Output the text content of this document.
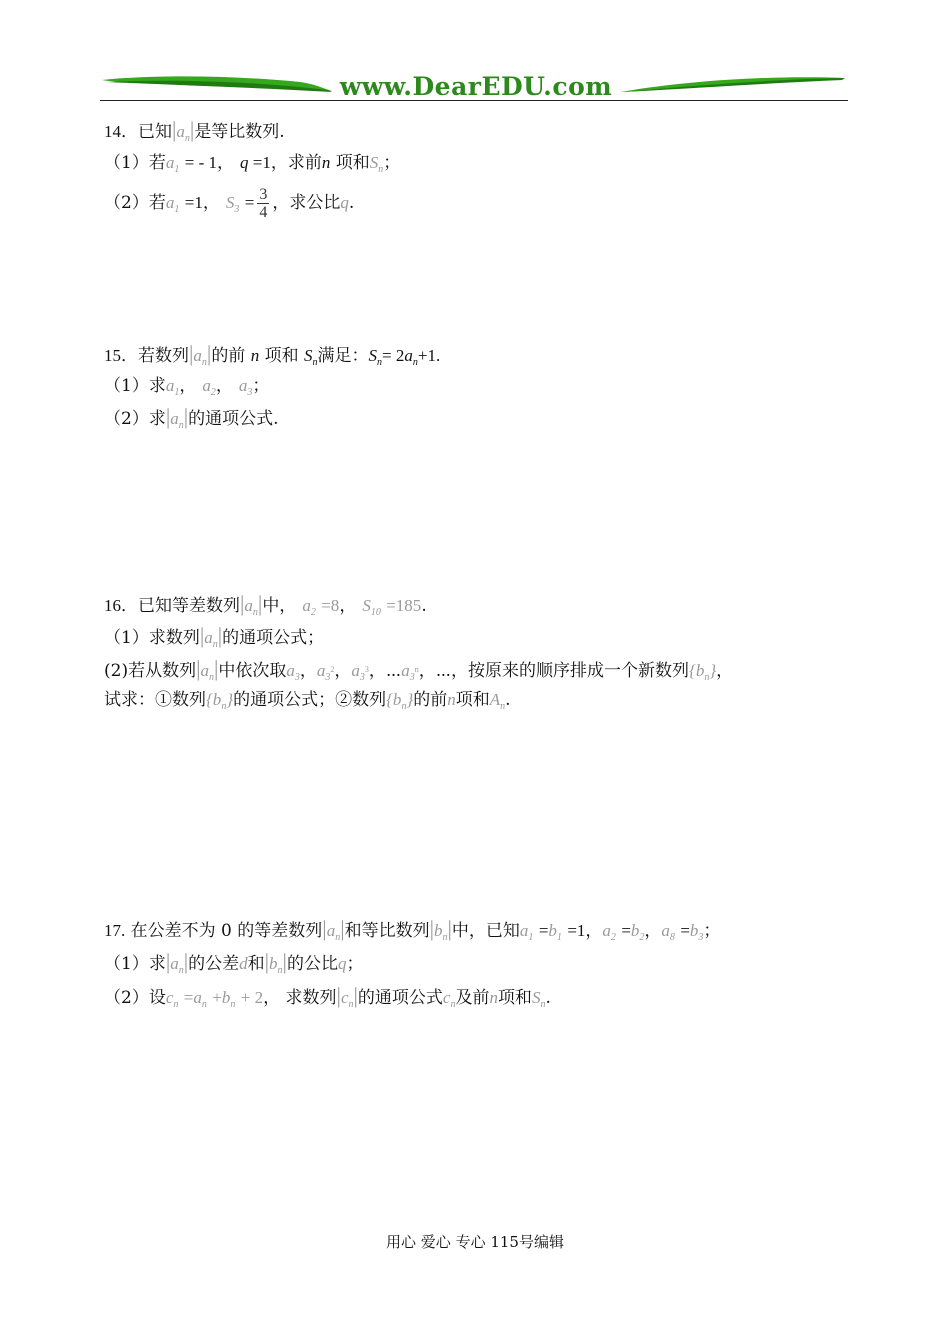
www.DearEDU.com
14．已知$|a_n|$是等比数列.
（1）若$a_1$ = - 1， q =1，求前n 项和$S_n$；
（2）若$a_1 =1$， $S_3 = \frac{3}{4}$ ，求公比q.
15．若数列$|a_n|$的前 n 项和 $S_n$满足：$S_n= 2a_n+1$.
（1）求$a_1$， $a_2$， $a_3$；
（2）求$|a_n|$的通项公式.
16．已知等差数列$|a_n|$中， $a_2 =8$， $S_{10} =185$.
（1）求数列$|a_n|$的通项公式；
(2)若从数列$|a_n|$中依次取$a_3$，$a_{3^2}$，$a_{3^3}$，$\cdots a_{3^n}$，⋯，按原来的顺序排成一个新数列$\{b_n\}$，
试求：①数列$\{b_n\}$的通项公式；②数列$\{b_n\}$的前n项和$A_n$.
17. 在公差不为 0 的等差数列$|a_n|$和等比数列$|b_n|$中，已知$a_1 =b_1 =1$，$a_2 =b_2$，$a_8 =b_3$；
（1）求$|a_n|$的公差d和$|b_n|$的公比q；
（2）设$c_n =a_n +b_n + 2$， 求数列$|c_n|$的通项公式$c_n$及前n项和$S_n$.
用心 爱心 专心 115号编辑
